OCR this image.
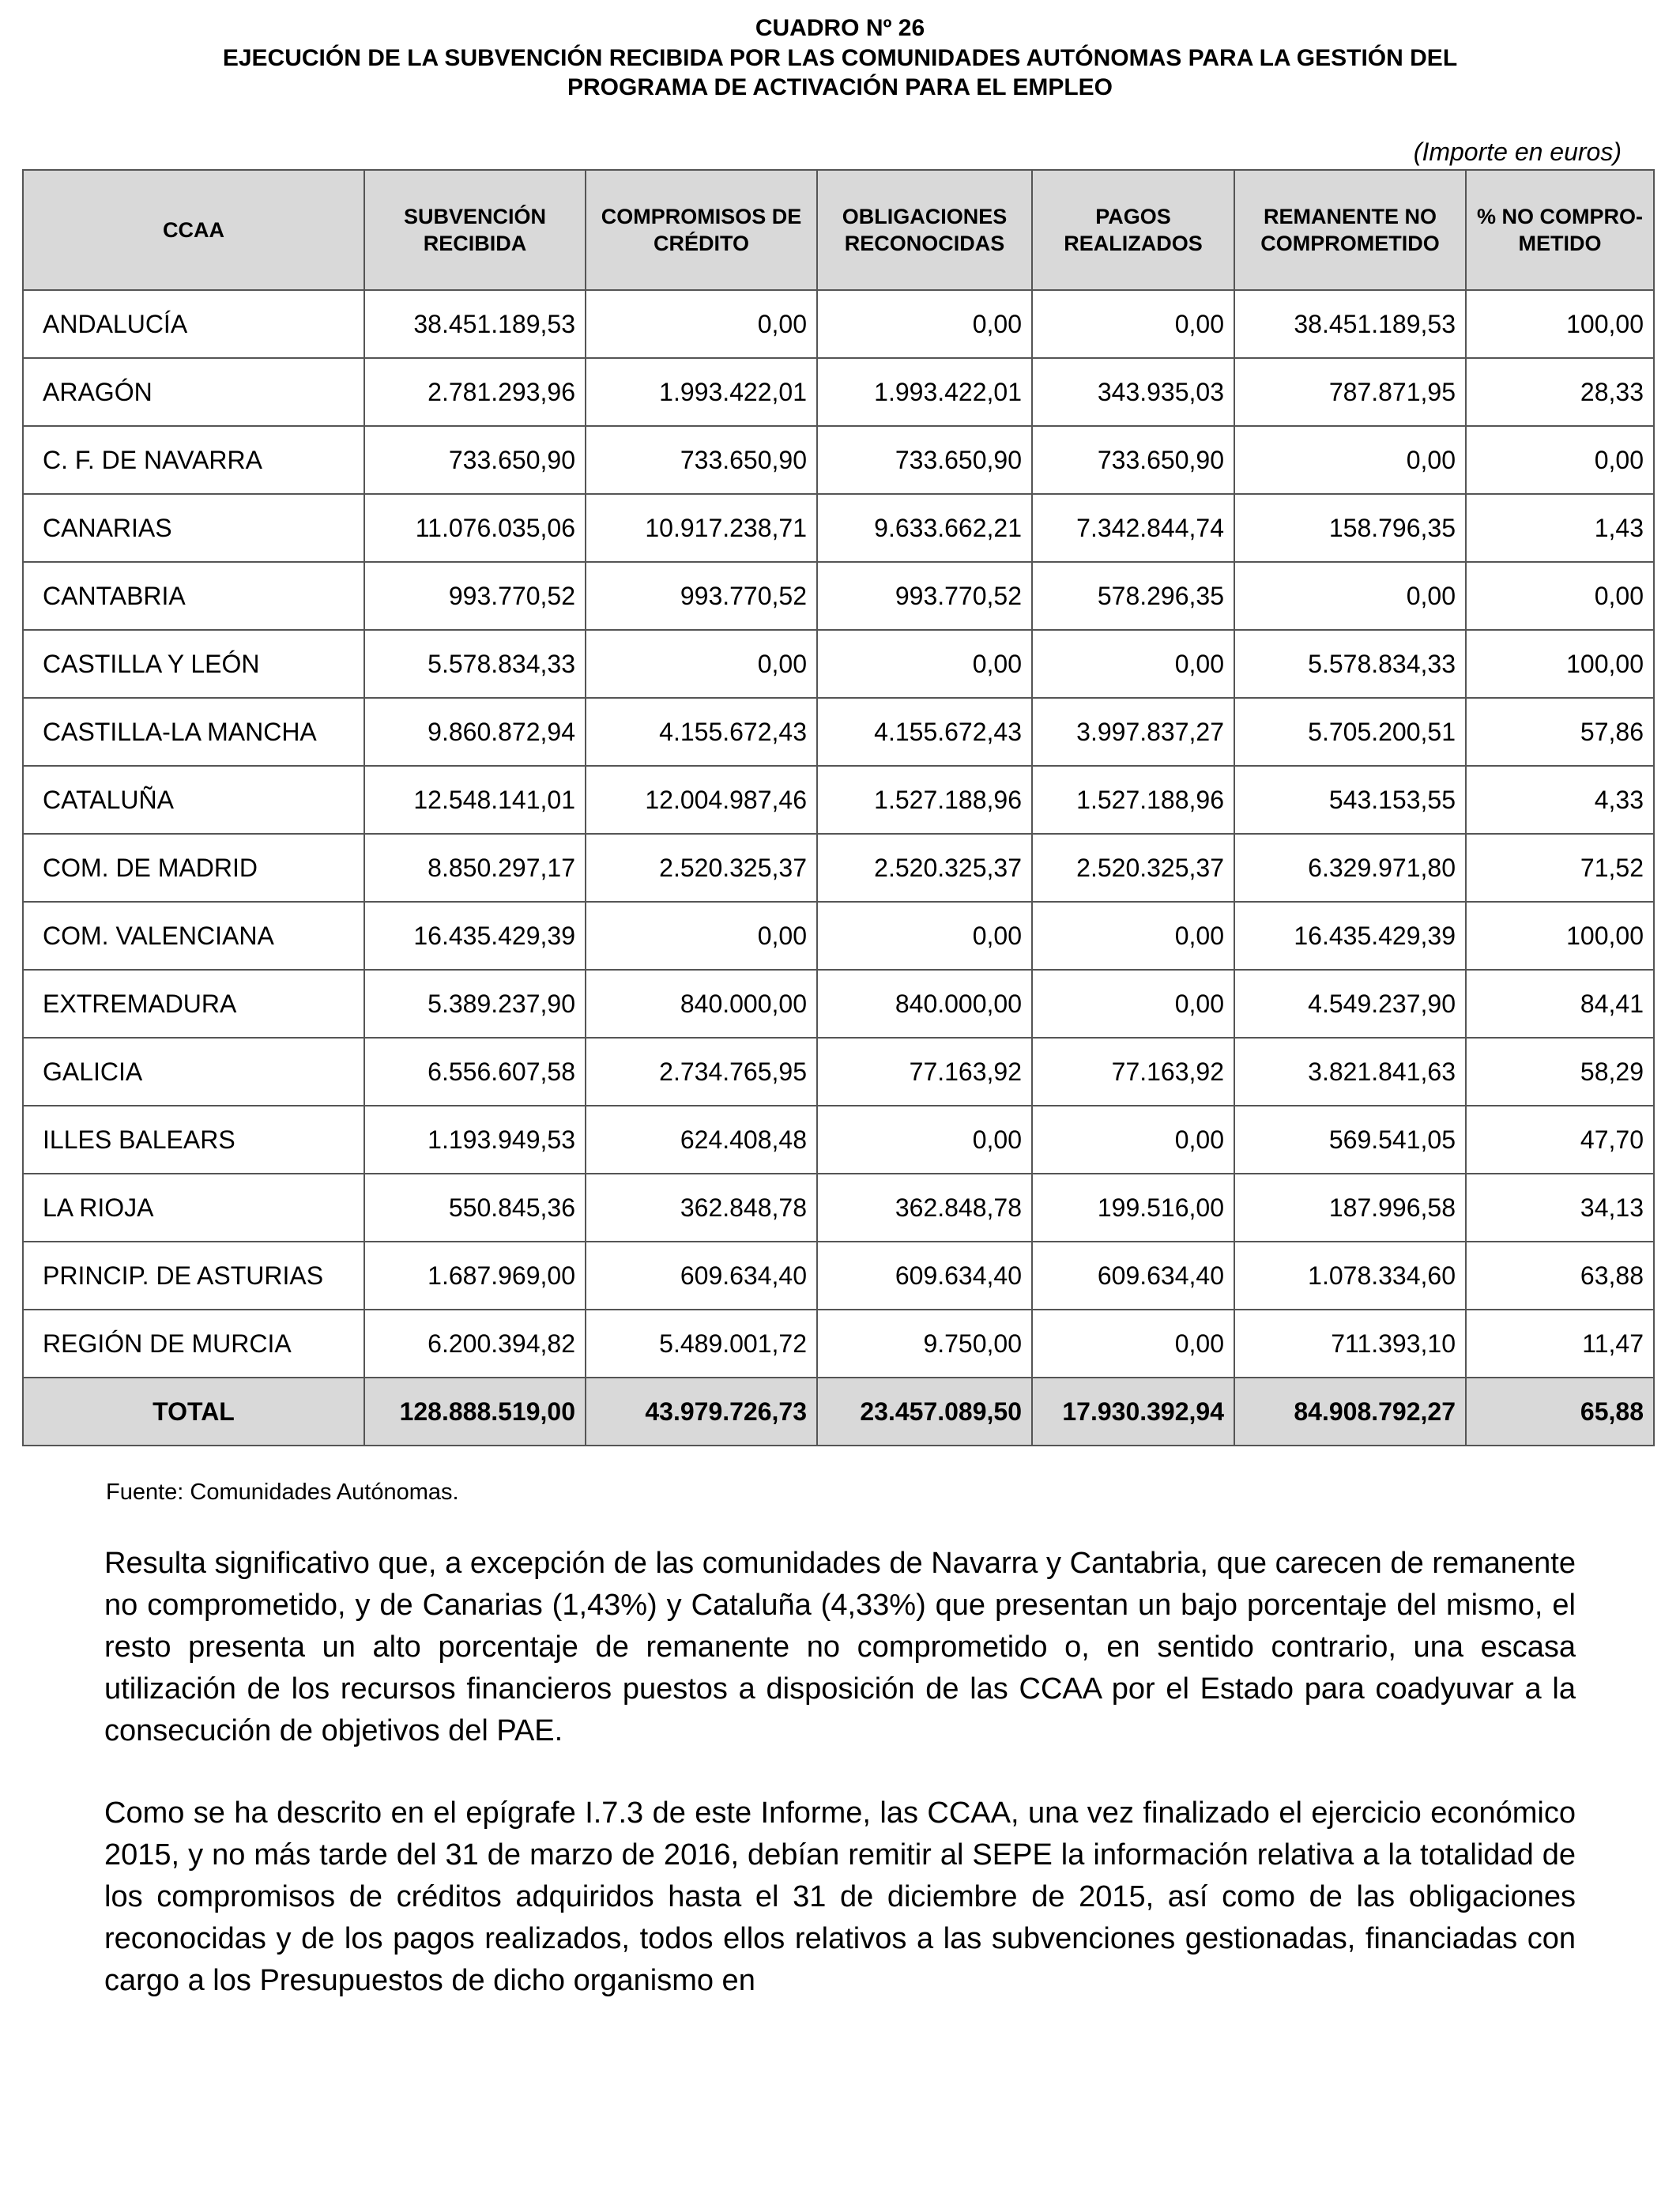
CUADRO Nº 26
EJECUCIÓN DE LA SUBVENCIÓN RECIBIDA POR LAS COMUNIDADES AUTÓNOMAS PARA LA GESTIÓN DEL
PROGRAMA DE ACTIVACIÓN PARA EL EMPLEO
(Importe en euros)
CCAA	SUBVENCIÓN RECIBIDA	COMPROMISOS DE CRÉDITO	OBLIGACIONES RECONOCIDAS	PAGOS REALIZADOS	REMANENTE NO COMPROMETIDO	% NO COMPRO-METIDO
ANDALUCÍA	38.451.189,53	0,00	0,00	0,00	38.451.189,53	100,00
ARAGÓN	2.781.293,96	1.993.422,01	1.993.422,01	343.935,03	787.871,95	28,33
C. F. DE NAVARRA	733.650,90	733.650,90	733.650,90	733.650,90	0,00	0,00
CANARIAS	11.076.035,06	10.917.238,71	9.633.662,21	7.342.844,74	158.796,35	1,43
CANTABRIA	993.770,52	993.770,52	993.770,52	578.296,35	0,00	0,00
CASTILLA Y LEÓN	5.578.834,33	0,00	0,00	0,00	5.578.834,33	100,00
CASTILLA-LA MANCHA	9.860.872,94	4.155.672,43	4.155.672,43	3.997.837,27	5.705.200,51	57,86
CATALUÑA	12.548.141,01	12.004.987,46	1.527.188,96	1.527.188,96	543.153,55	4,33
COM. DE MADRID	8.850.297,17	2.520.325,37	2.520.325,37	2.520.325,37	6.329.971,80	71,52
COM. VALENCIANA	16.435.429,39	0,00	0,00	0,00	16.435.429,39	100,00
EXTREMADURA	5.389.237,90	840.000,00	840.000,00	0,00	4.549.237,90	84,41
GALICIA	6.556.607,58	2.734.765,95	77.163,92	77.163,92	3.821.841,63	58,29
ILLES BALEARS	1.193.949,53	624.408,48	0,00	0,00	569.541,05	47,70
LA RIOJA	550.845,36	362.848,78	362.848,78	199.516,00	187.996,58	34,13
PRINCIP. DE ASTURIAS	1.687.969,00	609.634,40	609.634,40	609.634,40	1.078.334,60	63,88
REGIÓN DE MURCIA	6.200.394,82	5.489.001,72	9.750,00	0,00	711.393,10	11,47
TOTAL	128.888.519,00	43.979.726,73	23.457.089,50	17.930.392,94	84.908.792,27	65,88
Fuente: Comunidades Autónomas.

Resulta significativo que, a excepción de las comunidades de Navarra y Cantabria, que carecen de remanente no comprometido, y de Canarias (1,43%) y Cataluña (4,33%) que presentan un bajo porcentaje del mismo, el resto presenta un alto porcentaje de remanente no comprometido o, en sentido contrario, una escasa utilización de los recursos financieros puestos a disposición de las CCAA por el Estado para coadyuvar a la consecución de objetivos del PAE.

Como se ha descrito en el epígrafe I.7.3 de este Informe, las CCAA, una vez finalizado el ejercicio económico 2015, y no más tarde del 31 de marzo de 2016, debían remitir al SEPE la información relativa a la totalidad de los compromisos de créditos adquiridos hasta el 31 de diciembre de 2015, así como de las obligaciones reconocidas y de los pagos realizados, todos ellos relativos a las subvenciones gestionadas, financiadas con cargo a los Presupuestos de dicho organismo en
